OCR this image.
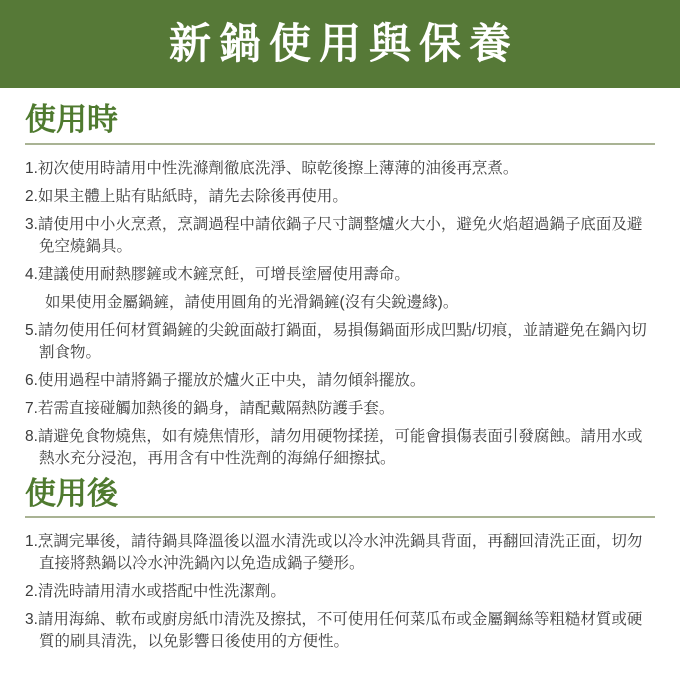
新鍋使用與保養
使用時
1.初次使用時請用中性洗滌劑徹底洗淨、晾乾後擦上薄薄的油後再烹煮。
2.如果主體上貼有貼紙時，請先去除後再使用。
3.請使用中小火烹煮，烹調過程中請依鍋子尺寸調整爐火大小，避免火焰超過鍋子底面及避免空燒鍋具。
4.建議使用耐熱膠鏟或木鏟烹飪，可增長塗層使用壽命。
如果使用金屬鍋鏟，請使用圓角的光滑鍋鏟(沒有尖銳邊緣)。
5.請勿使用任何材質鍋鏟的尖銳面敲打鍋面，易損傷鍋面形成凹點/切痕，並請避免在鍋內切割食物。
6.使用過程中請將鍋子擺放於爐火正中央，請勿傾斜擺放。
7.若需直接碰觸加熱後的鍋身，請配戴隔熱防護手套。
8.請避免食物燒焦，如有燒焦情形，請勿用硬物揉搓，可能會損傷表面引發腐蝕。請用水或熱水充分浸泡，再用含有中性洗劑的海綿仔細擦拭。
使用後
1.烹調完畢後，請待鍋具降溫後以溫水清洗或以冷水沖洗鍋具背面，再翻回清洗正面，切勿直接將熱鍋以冷水沖洗鍋內以免造成鍋子變形。
2.清洗時請用清水或搭配中性洗潔劑。
3.請用海綿、軟布或廚房紙巾清洗及擦拭，不可使用任何菜瓜布或金屬鋼絲等粗糙材質或硬質的刷具清洗，以免影響日後使用的方便性。
